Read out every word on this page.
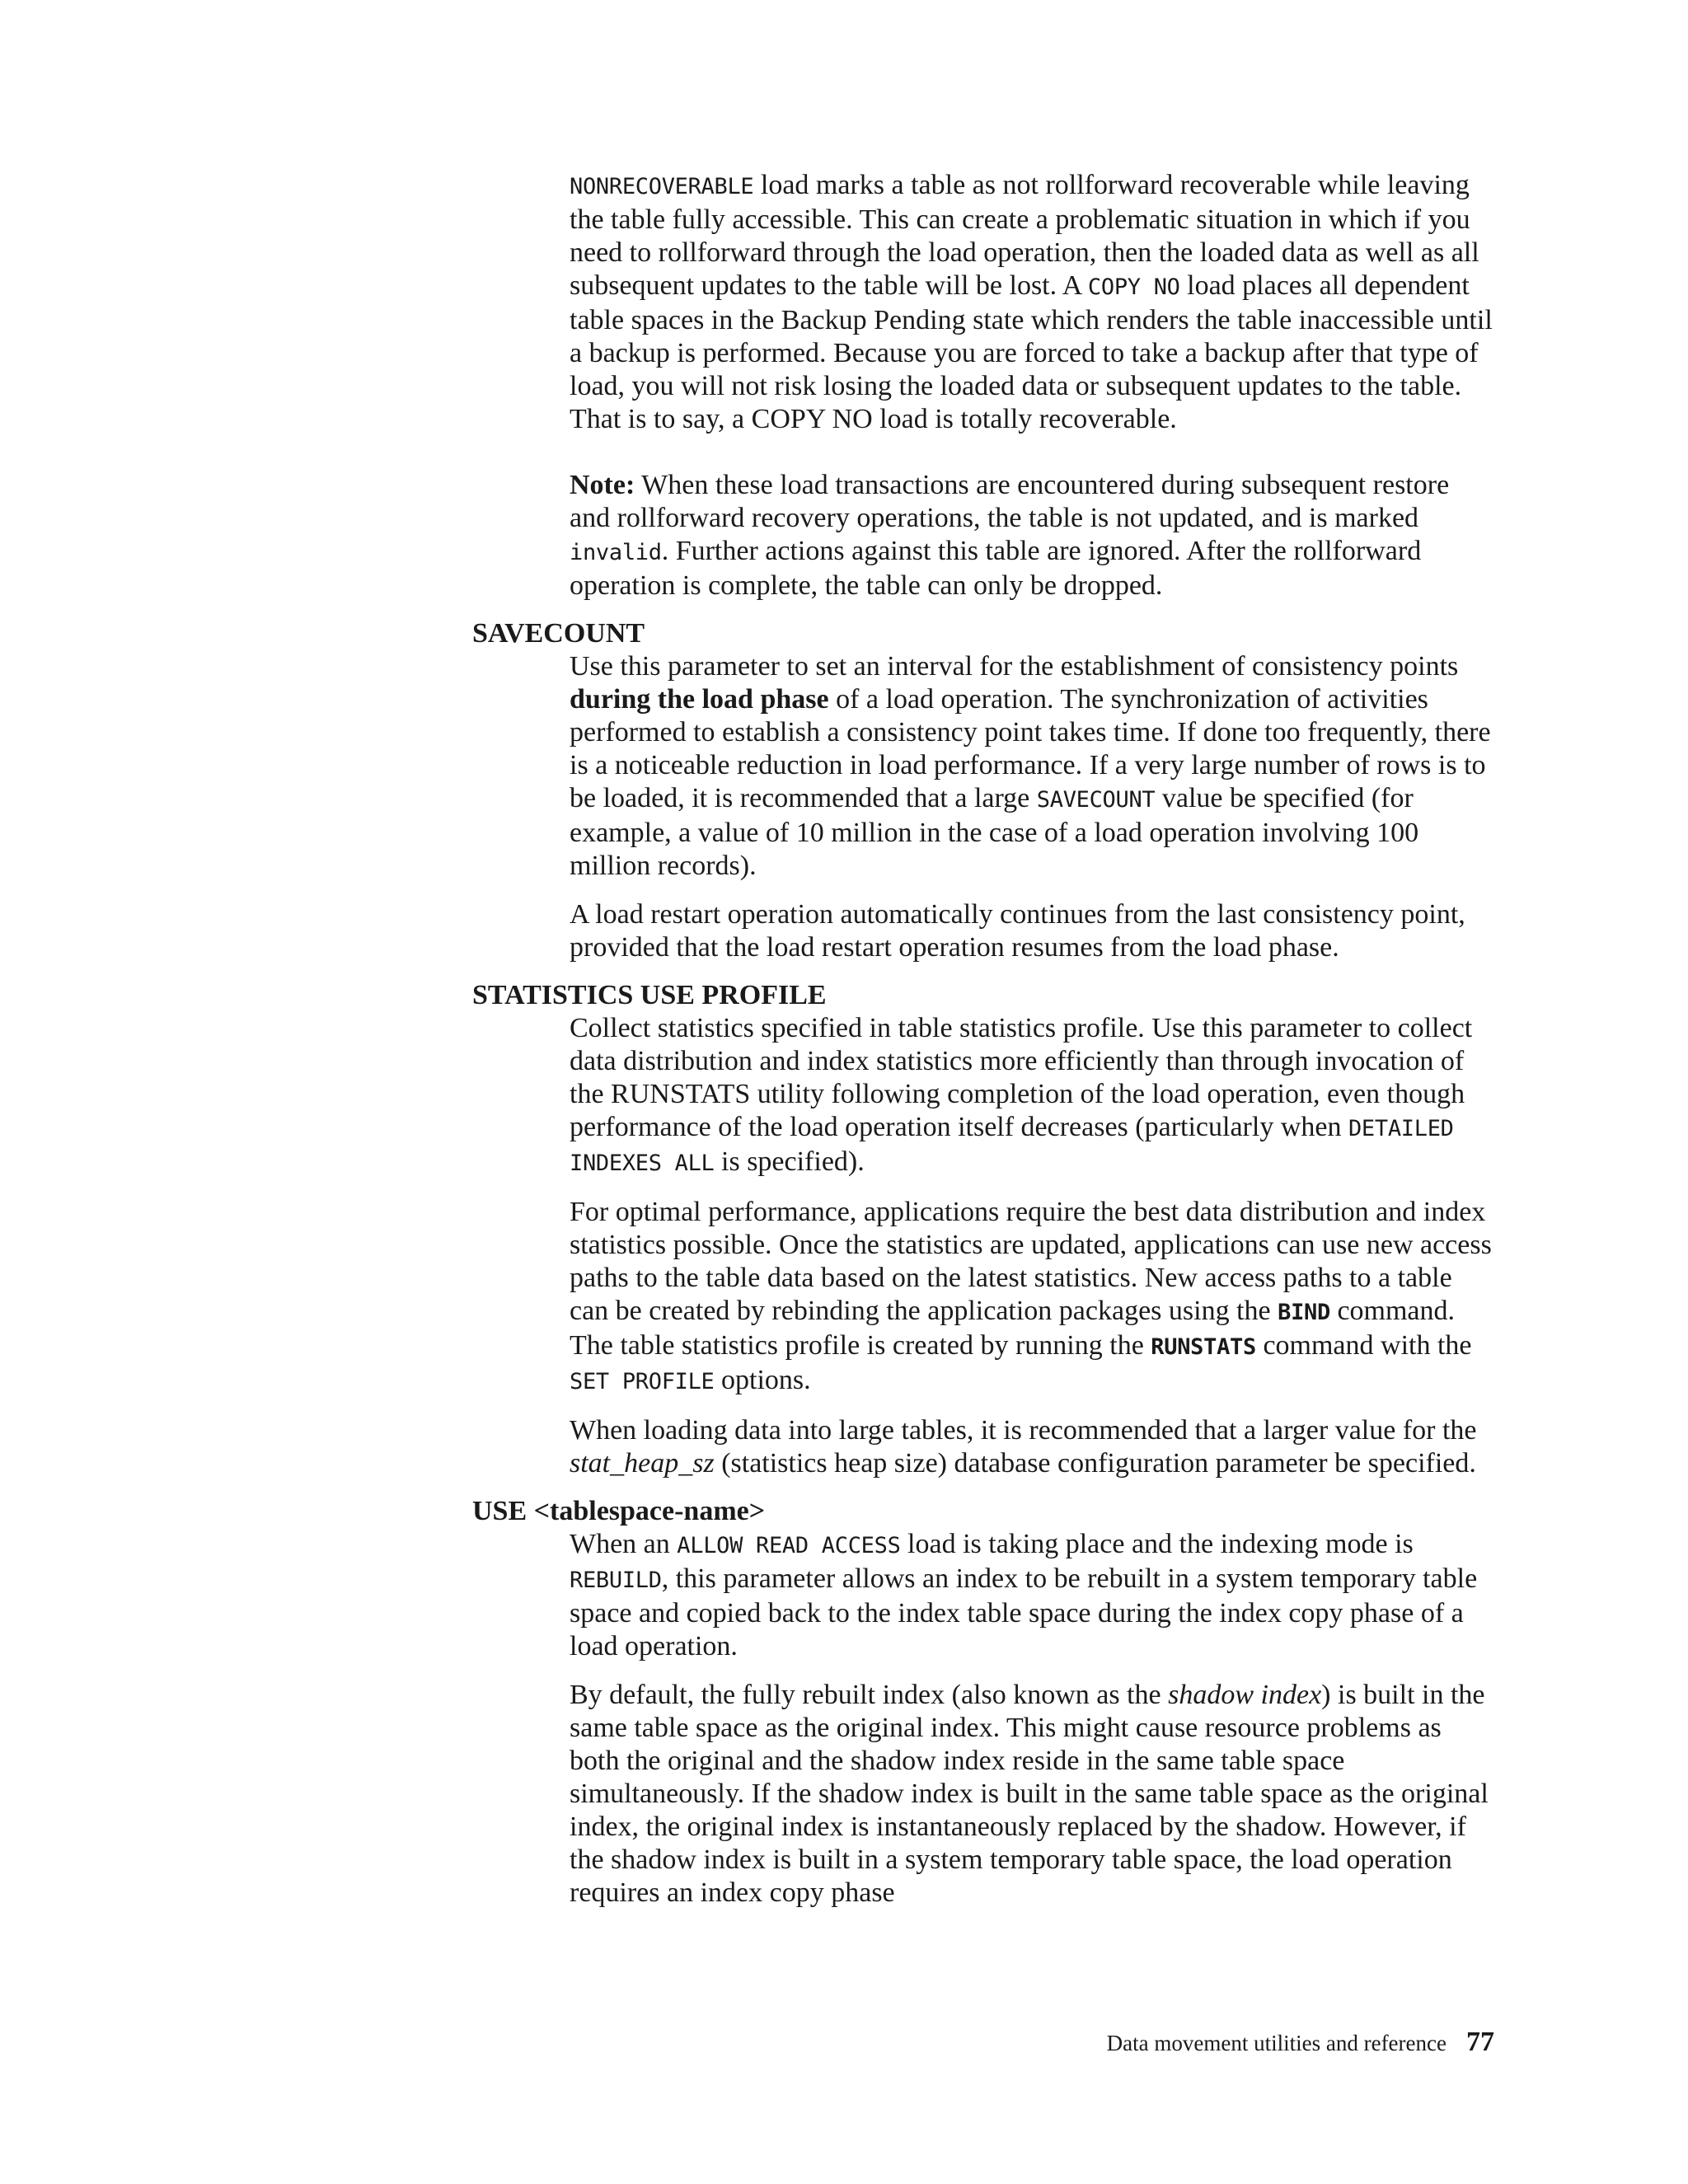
NONRECOVERABLE load marks a table as not rollforward recoverable while leaving the table fully accessible. This can create a problematic situation in which if you need to rollforward through the load operation, then the loaded data as well as all subsequent updates to the table will be lost. A COPY NO load places all dependent table spaces in the Backup Pending state which renders the table inaccessible until a backup is performed. Because you are forced to take a backup after that type of load, you will not risk losing the loaded data or subsequent updates to the table. That is to say, a COPY NO load is totally recoverable.

Note: When these load transactions are encountered during subsequent restore and rollforward recovery operations, the table is not updated, and is marked invalid. Further actions against this table are ignored. After the rollforward operation is complete, the table can only be dropped.

SAVECOUNT

Use this parameter to set an interval for the establishment of consistency points during the load phase of a load operation. The synchronization of activities performed to establish a consistency point takes time. If done too frequently, there is a noticeable reduction in load performance. If a very large number of rows is to be loaded, it is recommended that a large SAVECOUNT value be specified (for example, a value of 10 million in the case of a load operation involving 100 million records).

A load restart operation automatically continues from the last consistency point, provided that the load restart operation resumes from the load phase.

STATISTICS USE PROFILE

Collect statistics specified in table statistics profile. Use this parameter to collect data distribution and index statistics more efficiently than through invocation of the RUNSTATS utility following completion of the load operation, even though performance of the load operation itself decreases (particularly when DETAILED INDEXES ALL is specified).

For optimal performance, applications require the best data distribution and index statistics possible. Once the statistics are updated, applications can use new access paths to the table data based on the latest statistics. New access paths to a table can be created by rebinding the application packages using the BIND command. The table statistics profile is created by running the RUNSTATS command with the SET PROFILE options.

When loading data into large tables, it is recommended that a larger value for the stat_heap_sz (statistics heap size) database configuration parameter be specified.

USE <tablespace-name>

When an ALLOW READ ACCESS load is taking place and the indexing mode is REBUILD, this parameter allows an index to be rebuilt in a system temporary table space and copied back to the index table space during the index copy phase of a load operation.

By default, the fully rebuilt index (also known as the shadow index) is built in the same table space as the original index. This might cause resource problems as both the original and the shadow index reside in the same table space simultaneously. If the shadow index is built in the same table space as the original index, the original index is instantaneously replaced by the shadow. However, if the shadow index is built in a system temporary table space, the load operation requires an index copy phase

Data movement utilities and reference 77
